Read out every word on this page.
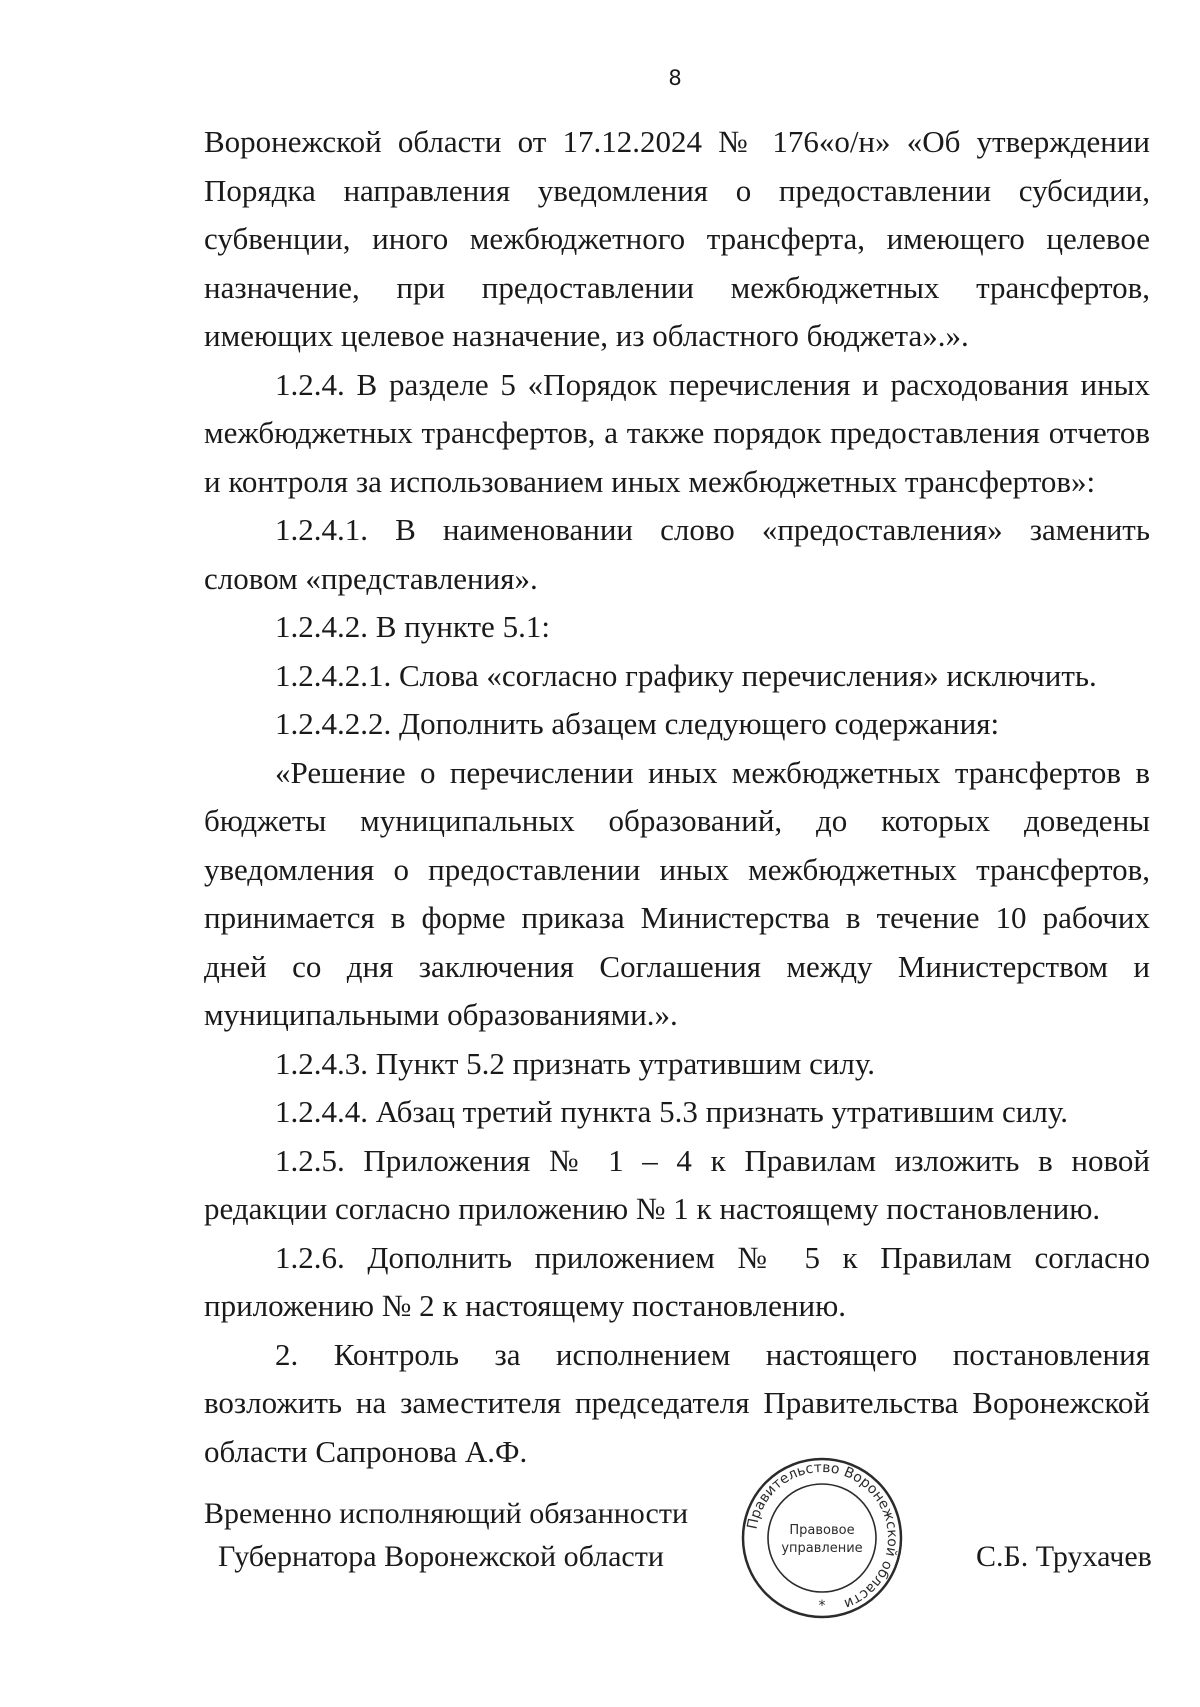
8

Воронежской области от 17.12.2024 № 176«о/н» «Об утверждении Порядка направления уведомления о предоставлении субсидии, субвенции, иного межбюджетного трансферта, имеющего целевое назначение, при предоставлении межбюджетных трансфертов, имеющих целевое назначение, из областного бюджета».».

1.2.4. В разделе 5 «Порядок перечисления и расходования иных межбюджетных трансфертов, а также порядок предоставления отчетов и контроля за использованием иных межбюджетных трансфертов»:

1.2.4.1. В наименовании слово «предоставления» заменить словом «представления».

1.2.4.2. В пункте 5.1:

1.2.4.2.1. Слова «согласно графику перечисления» исключить.

1.2.4.2.2. Дополнить абзацем следующего содержания:

«Решение о перечислении иных межбюджетных трансфертов в бюджеты муниципальных образований, до которых доведены уведомления о предоставлении иных межбюджетных трансфертов, принимается в форме приказа Министерства в течение 10 рабочих дней со дня заключения Соглашения между Министерством и муниципальными образованиями.».

1.2.4.3. Пункт 5.2 признать утратившим силу.

1.2.4.4. Абзац третий пункта 5.3 признать утратившим силу.

1.2.5. Приложения № 1 – 4 к Правилам изложить в новой редакции согласно приложению № 1 к настоящему постановлению.

1.2.6. Дополнить приложением № 5 к Правилам согласно приложению № 2 к настоящему постановлению.

2. Контроль за исполнением настоящего постановления возложить на заместителя председателя Правительства Воронежской области Сапронова А.Ф.

Временно исполняющий обязанности
Губернатора Воронежской области	С.Б. Трухачев
Правительство Воронежской области
Правовое
управление
*
